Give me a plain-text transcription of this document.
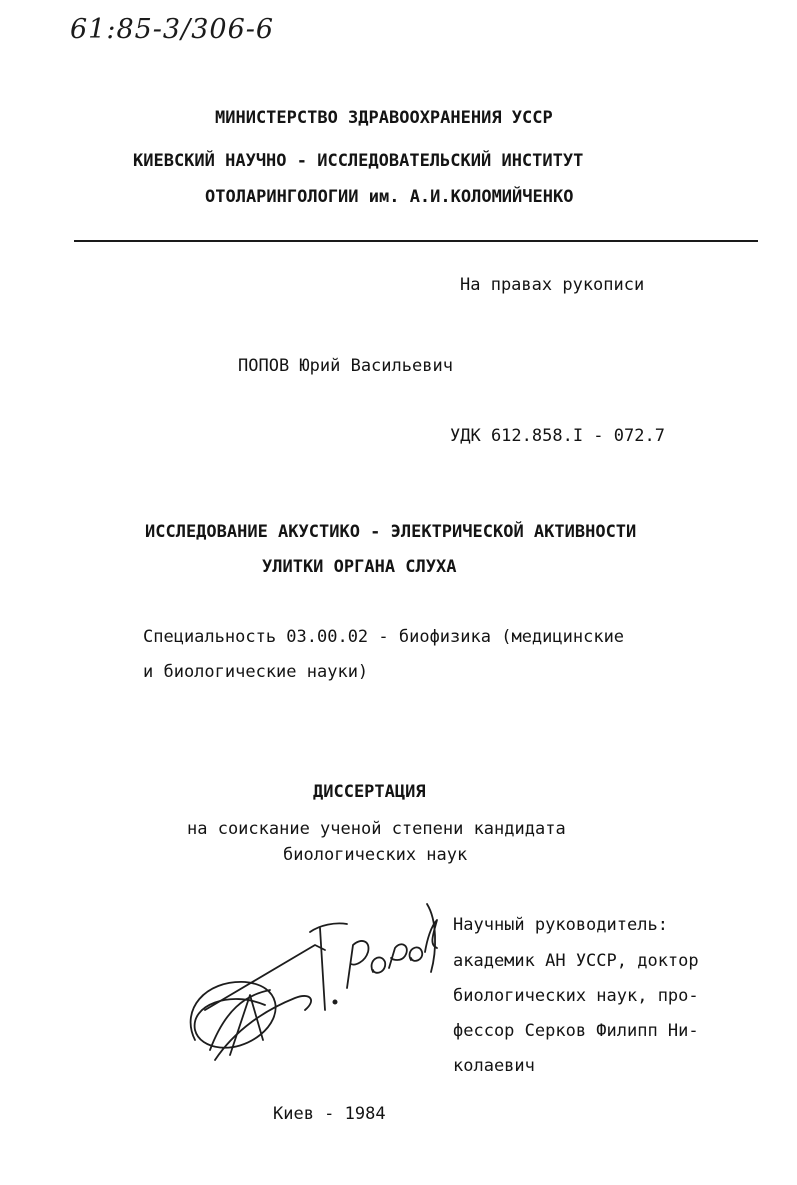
61:85-3/306-6
МИНИСТЕРСТВО ЗДРАВООХРАНЕНИЯ УССР
КИЕВСКИЙ НАУЧНО - ИССЛЕДОВАТЕЛЬСКИЙ ИНСТИТУТ
ОТОЛАРИНГОЛОГИИ им. А.И.КОЛОМИЙЧЕНКО
На правах рукописи
ПОПОВ Юрий Васильевич
УДК 612.858.I - 072.7
ИССЛЕДОВАНИЕ АКУСТИКО - ЭЛЕКТРИЧЕСКОЙ АКТИВНОСТИ
УЛИТКИ ОРГАНА СЛУХА
Специальность 03.00.02 - биофизика (медицинские
и биологические науки)
ДИССЕРТАЦИЯ
на соискание ученой степени кандидата
биологических наук
Научный руководитель:
академик АН УССР, доктор
биологических наук, про-
фессор Серков Филипп Ни-
колаевич
Киев - 1984
